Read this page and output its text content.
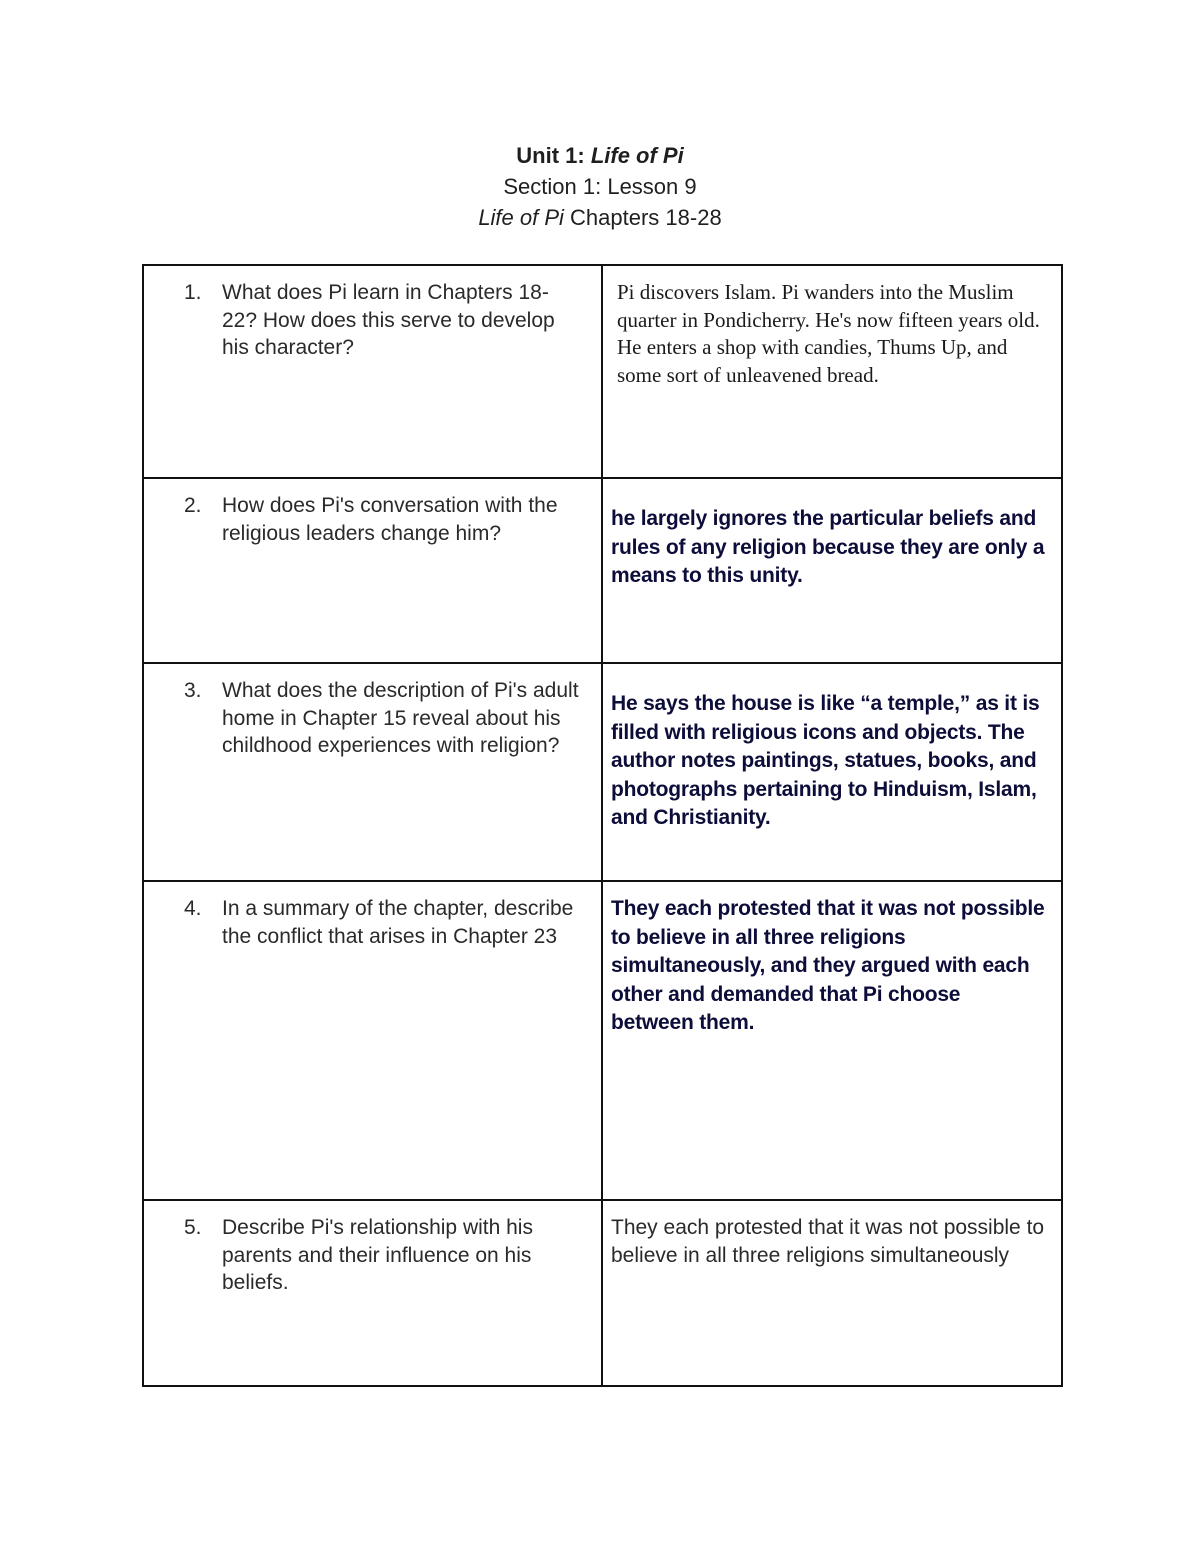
Unit 1: Life of Pi
Section 1: Lesson 9
Life of Pi Chapters 18-28
1. What does Pi learn in Chapters 18-22? How does this serve to develop his character?	Pi discovers Islam. Pi wanders into the Muslim quarter in Pondicherry. He's now fifteen years old. He enters a shop with candies, Thums Up, and some sort of unleavened bread.

2. How does Pi's conversation with the religious leaders change him?	he largely ignores the particular beliefs and rules of any religion because they are only a means to this unity.

3. What does the description of Pi's adult home in Chapter 15 reveal about his childhood experiences with religion?	He says the house is like “a temple,” as it is filled with religious icons and objects. The author notes paintings, statues, books, and photographs pertaining to Hinduism, Islam, and Christianity.

4. In a summary of the chapter, describe the conflict that arises in Chapter 23	They each protested that it was not possible to believe in all three religions simultaneously, and they argued with each other and demanded that Pi choose between them.

5. Describe Pi's relationship with his parents and their influence on his beliefs.	They each protested that it was not possible to believe in all three religions simultaneously
